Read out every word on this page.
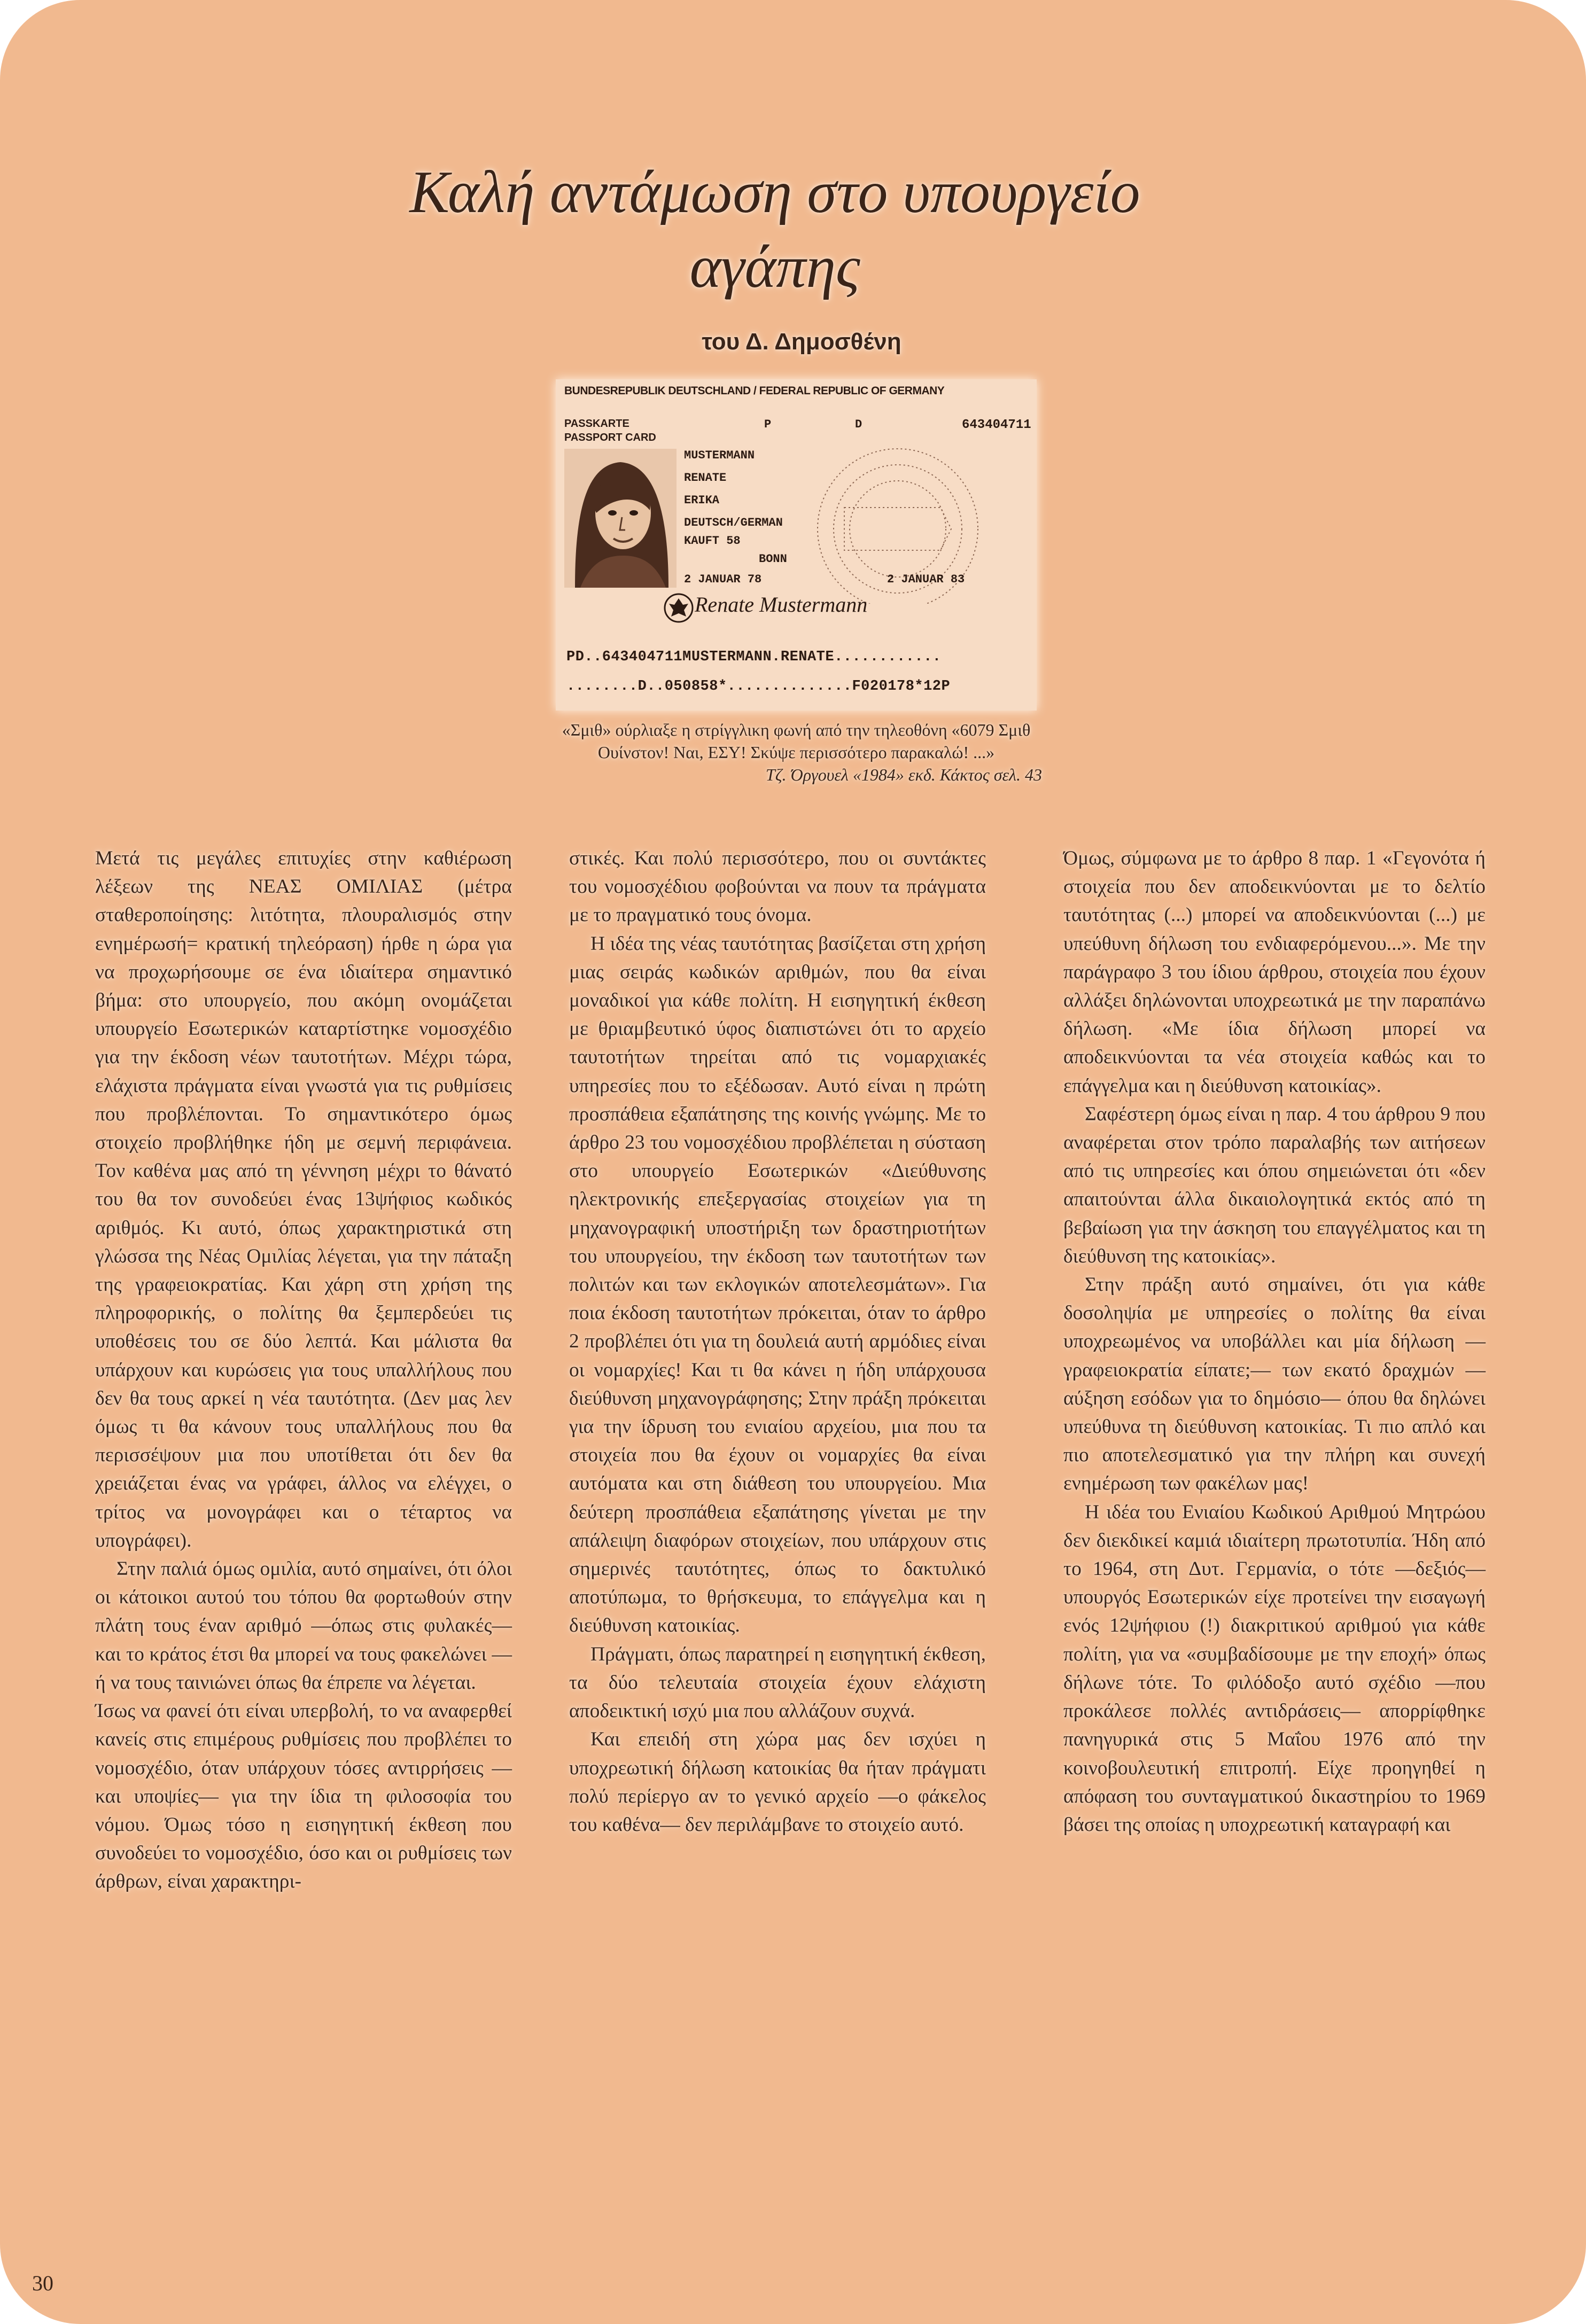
Καλή αντάμωση στο υπουργείο
αγάπης
του Δ. Δημοσθένη
BUNDESREPUBLIK DEUTSCHLAND / FEDERAL REPUBLIC OF GERMANY
PASSKARTE
PASSPORT CARD
P	D	643404711
MUSTERMANN
RENATE
ERIKA
DEUTSCH/GERMAN
KAUFT 58
BONN
2 JANUAR 78	2 JANUAR 83
Renate Mustermann
PD..643404711MUSTERMANN.RENATE............
........D..050858*..............F020178*12P
«Σμιθ» ούρλιαξε η στρίγγλικη φωνή από την τηλεοθόνη «6079 Σμιθ Ουίνστον! Ναι, ΕΣΥ! Σκύψε περισσότερο παρακαλώ! ...»
Τζ. Όργουελ «1984» εκδ. Κάκτος σελ. 43

Μετά τις μεγάλες επιτυχίες στην καθιέρωση λέξεων της ΝΕΑΣ ΟΜΙΛΙΑΣ (μέτρα σταθεροποίησης: λιτότητα, πλουραλισμός στην ενημέρωσή= κρατική τηλεόραση) ήρθε η ώρα για να προχωρήσουμε σε ένα ιδιαίτερα σημαντικό βήμα: στο υπουργείο, που ακόμη ονομάζεται υπουργείο Εσωτερικών καταρτίστηκε νομοσχέδιο για την έκδοση νέων ταυτοτήτων. Μέχρι τώρα, ελάχιστα πράγματα είναι γνωστά για τις ρυθμίσεις που προβλέπονται. Το σημαντικότερο όμως στοιχείο προβλήθηκε ήδη με σεμνή περιφάνεια. Τον καθένα μας από τη γέννηση μέχρι το θάνατό του θα τον συνοδεύει ένας 13ψήφιος κωδικός αριθμός. Κι αυτό, όπως χαρακτηριστικά στη γλώσσα της Νέας Ομιλίας λέγεται, για την πάταξη της γραφειοκρατίας. Και χάρη στη χρήση της πληροφορικής, ο πολίτης θα ξεμπερδεύει τις υποθέσεις του σε δύο λεπτά. Και μάλιστα θα υπάρχουν και κυρώσεις για τους υπαλλήλους που δεν θα τους αρκεί η νέα ταυτότητα. (Δεν μας λεν όμως τι θα κάνουν τους υπαλλήλους που θα περισσέψουν μια που υποτίθεται ότι δεν θα χρειάζεται ένας να γράφει, άλλος να ελέγχει, ο τρίτος να μονογράφει και ο τέταρτος να υπογράφει).

Στην παλιά όμως ομιλία, αυτό σημαίνει, ότι όλοι οι κάτοικοι αυτού του τόπου θα φορτωθούν στην πλάτη τους έναν αριθμό —όπως στις φυλακές— και το κράτος έτσι θα μπορεί να τους φακελώνει —ή να τους ταινιώνει όπως θα έπρεπε να λέγεται.

Ίσως να φανεί ότι είναι υπερβολή, το να αναφερθεί κανείς στις επιμέρους ρυθμίσεις που προβλέπει το νομοσχέδιο, όταν υπάρχουν τόσες αντιρρήσεις —και υποψίες— για την ίδια τη φιλοσοφία του νόμου. Όμως τόσο η εισηγητική έκθεση που συνοδεύει το νομοσχέδιο, όσο και οι ρυθμίσεις των άρθρων, είναι χαρακτηρι-

στικές. Και πολύ περισσότερο, που οι συντάκτες του νομοσχέδιου φοβούνται να πουν τα πράγματα με το πραγματικό τους όνομα.

Η ιδέα της νέας ταυτότητας βασίζεται στη χρήση μιας σειράς κωδικών αριθμών, που θα είναι μοναδικοί για κάθε πολίτη. Η εισηγητική έκθεση με θριαμβευτικό ύφος διαπιστώνει ότι το αρχείο ταυτοτήτων τηρείται από τις νομαρχιακές υπηρεσίες που το εξέδωσαν. Αυτό είναι η πρώτη προσπάθεια εξαπάτησης της κοινής γνώμης. Με το άρθρο 23 του νομοσχέδιου προβλέπεται η σύσταση στο υπουργείο Εσωτερικών «Διεύθυνσης ηλεκτρονικής επεξεργασίας στοιχείων για τη μηχανογραφική υποστήριξη των δραστηριοτήτων του υπουργείου, την έκδοση των ταυτοτήτων των πολιτών και των εκλογικών αποτελεσμάτων». Για ποια έκδοση ταυτοτήτων πρόκειται, όταν το άρθρο 2 προβλέπει ότι για τη δουλειά αυτή αρμόδιες είναι οι νομαρχίες! Και τι θα κάνει η ήδη υπάρχουσα διεύθυνση μηχανογράφησης; Στην πράξη πρόκειται για την ίδρυση του ενιαίου αρχείου, μια που τα στοιχεία που θα έχουν οι νομαρχίες θα είναι αυτόματα και στη διάθεση του υπουργείου. Μια δεύτερη προσπάθεια εξαπάτησης γίνεται με την απάλειψη διαφόρων στοιχείων, που υπάρχουν στις σημερινές ταυτότητες, όπως το δακτυλικό αποτύπωμα, το θρήσκευμα, το επάγγελμα και η διεύθυνση κατοικίας.

Πράγματι, όπως παρατηρεί η εισηγητική έκθεση, τα δύο τελευταία στοιχεία έχουν ελάχιστη αποδεικτική ισχύ μια που αλλάζουν συχνά.

Και επειδή στη χώρα μας δεν ισχύει η υποχρεωτική δήλωση κατοικίας θα ήταν πράγματι πολύ περίεργο αν το γενικό αρχείο —ο φάκελος του καθένα— δεν περιλάμβανε το στοιχείο αυτό.

Όμως, σύμφωνα με το άρθρο 8 παρ. 1 «Γεγονότα ή στοιχεία που δεν αποδεικνύονται με το δελτίο ταυτότητας (...) μπορεί να αποδεικνύονται (...) με υπεύθυνη δήλωση του ενδιαφερόμενου...». Με την παράγραφο 3 του ίδιου άρθρου, στοιχεία που έχουν αλλάξει δηλώνονται υποχρεωτικά με την παραπάνω δήλωση. «Με ίδια δήλωση μπορεί να αποδεικνύονται τα νέα στοιχεία καθώς και το επάγγελμα και η διεύθυνση κατοικίας».

Σαφέστερη όμως είναι η παρ. 4 του άρθρου 9 που αναφέρεται στον τρόπο παραλαβής των αιτήσεων από τις υπηρεσίες και όπου σημειώνεται ότι «δεν απαιτούνται άλλα δικαιολογητικά εκτός από τη βεβαίωση για την άσκηση του επαγγέλματος και τη διεύθυνση της κατοικίας».

Στην πράξη αυτό σημαίνει, ότι για κάθε δοσοληψία με υπηρεσίες ο πολίτης θα είναι υποχρεωμένος να υποβάλλει και μία δήλωση —γραφειοκρατία είπατε;— των εκατό δραχμών —αύξηση εσόδων για το δημόσιο— όπου θα δηλώνει υπεύθυνα τη διεύθυνση κατοικίας. Τι πιο απλό και πιο αποτελεσματικό για την πλήρη και συνεχή ενημέρωση των φακέλων μας!

Η ιδέα του Ενιαίου Κωδικού Αριθμού Μητρώου δεν διεκδικεί καμιά ιδιαίτερη πρωτοτυπία. Ήδη από το 1964, στη Δυτ. Γερμανία, ο τότε —δεξιός— υπουργός Εσωτερικών είχε προτείνει την εισαγωγή ενός 12ψήφιου (!) διακριτικού αριθμού για κάθε πολίτη, για να «συμβαδίσουμε με την εποχή» όπως δήλωνε τότε. Το φιλόδοξο αυτό σχέδιο —που προκάλεσε πολλές αντιδράσεις— απορρίφθηκε πανηγυρικά στις 5 Μαΐου 1976 από την κοινοβουλευτική επιτροπή. Είχε προηγηθεί η απόφαση του συνταγματικού δικαστηρίου το 1969 βάσει της οποίας η υποχρεωτική καταγραφή και

30
